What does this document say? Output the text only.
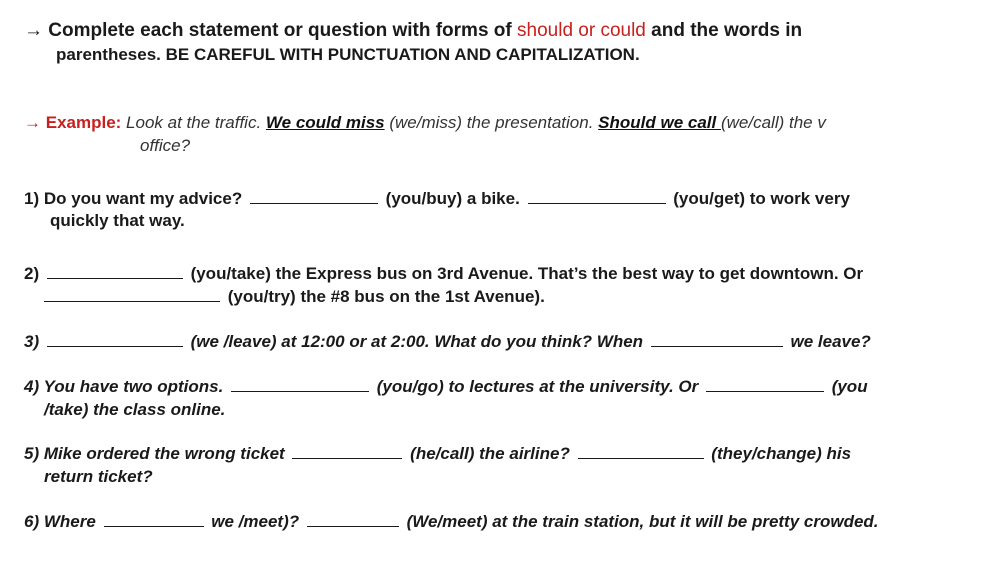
→ Complete each statement or question with forms of should or could and the words in
parentheses. BE CAREFUL WITH PUNCTUATION AND CAPITALIZATION.
→ Example: Look at the traffic. We could miss (we/miss) the presentation. Should we call (we/call) the v
office?
1) Do you want my advice?	(you/buy) a bike.	(you/get) to work very
quickly that way.
2)	(you/take) the Express bus on 3rd Avenue. That’s the best way to get downtown. Or
(you/try) the #8 bus on the 1st Avenue).
3)	(we /leave) at 12:00 or at 2:00. What do you think? When	we leave?
4) You have two options.	(you/go) to lectures at the university. Or	(you
/take) the class online.
5) Mike ordered the wrong ticket	(he/call) the airline?	(they/change) his
return ticket?
6) Where	we /meet)?	(We/meet) at the train station, but it will be pretty crowded.
